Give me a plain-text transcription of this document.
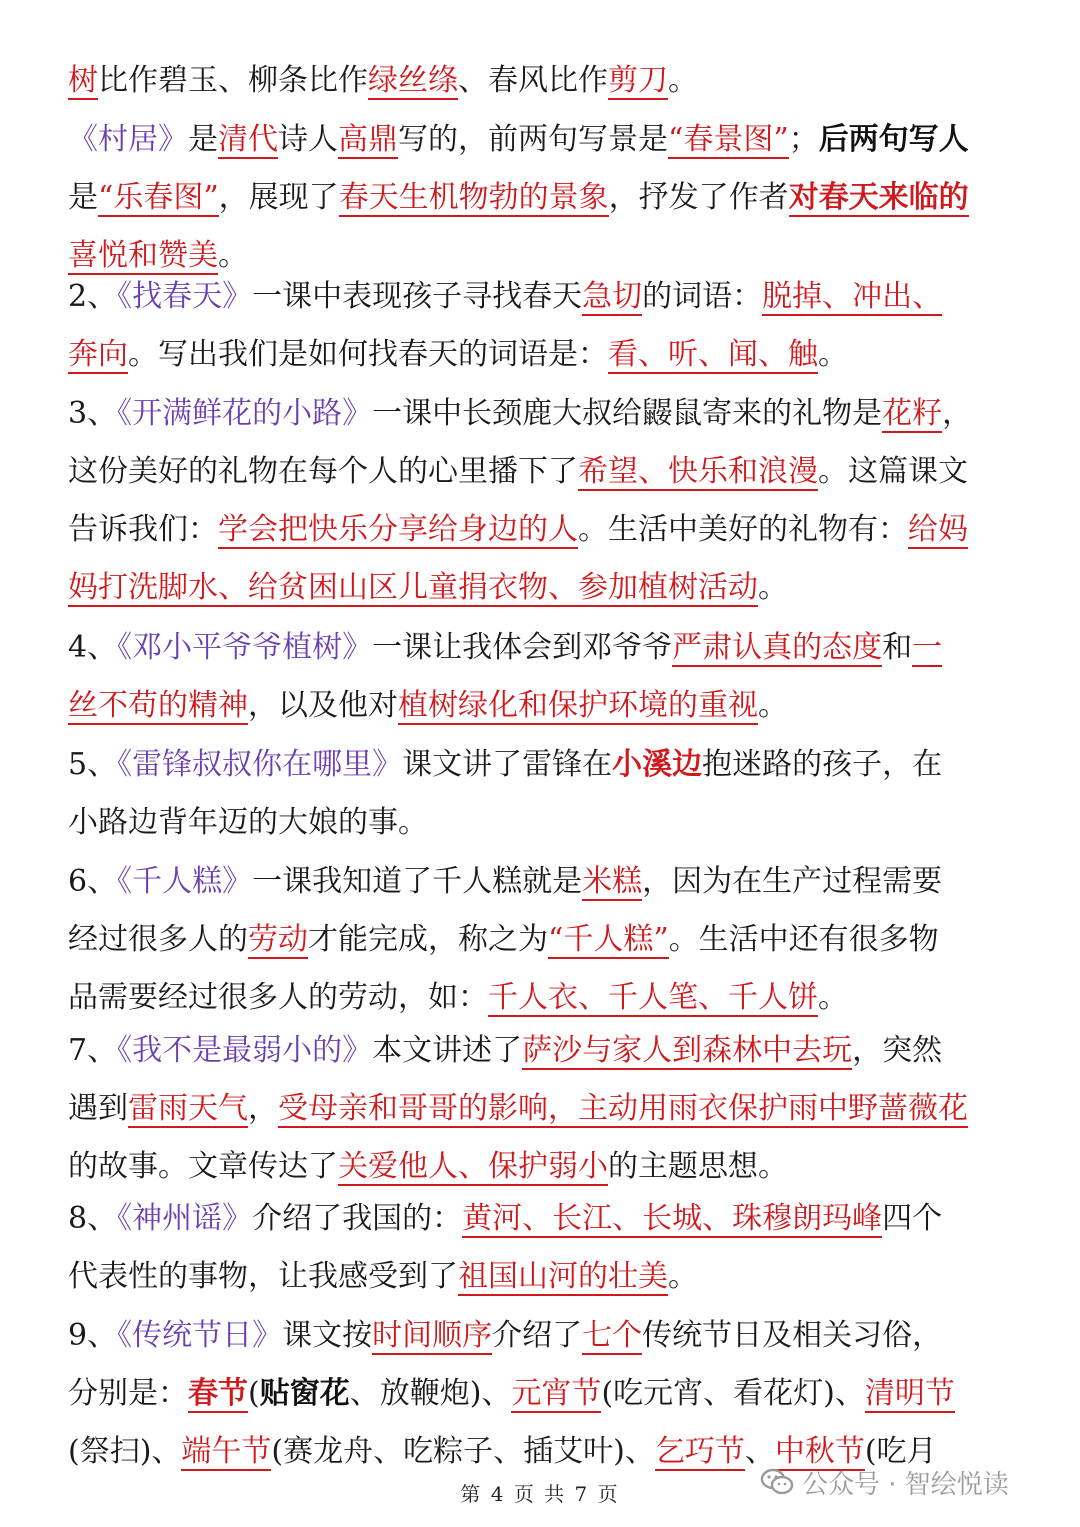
树比作碧玉、柳条比作绿丝绦、春风比作剪刀。
《村居》是清代诗人高鼎写的，前两句写景是“春景图”；后两句写人
是“乐春图”，展现了春天生机物勃的景象，抒发了作者对春天来临的
喜悦和赞美。
2、《找春天》一课中表现孩子寻找春天急切的词语：脱掉、冲出、
奔向。写出我们是如何找春天的词语是：看、听、闻、触。
3、《开满鲜花的小路》一课中长颈鹿大叔给鼹鼠寄来的礼物是花籽，
这份美好的礼物在每个人的心里播下了希望、快乐和浪漫。这篇课文
告诉我们：学会把快乐分享给身边的人。生活中美好的礼物有：给妈
妈打洗脚水、给贫困山区儿童捐衣物、参加植树活动。
4、《邓小平爷爷植树》一课让我体会到邓爷爷严肃认真的态度和一
丝不苟的精神，以及他对植树绿化和保护环境的重视。
5、《雷锋叔叔你在哪里》课文讲了雷锋在小溪边抱迷路的孩子，在
小路边背年迈的大娘的事。
6、《千人糕》一课我知道了千人糕就是米糕，因为在生产过程需要
经过很多人的劳动才能完成，称之为“千人糕”。生活中还有很多物
品需要经过很多人的劳动，如：千人衣、千人笔、千人饼。
7、《我不是最弱小的》本文讲述了萨沙与家人到森林中去玩，突然
遇到雷雨天气，受母亲和哥哥的影响，主动用雨衣保护雨中野蔷薇花
的故事。文章传达了关爱他人、保护弱小的主题思想。
8、《神州谣》介绍了我国的：黄河、长江、长城、珠穆朗玛峰四个
代表性的事物，让我感受到了祖国山河的壮美。
9、《传统节日》课文按时间顺序介绍了七个传统节日及相关习俗，
分别是：春节(贴窗花、放鞭炮)、元宵节(吃元宵、看花灯)、清明节
(祭扫)、端午节(赛龙舟、吃粽子、插艾叶)、乞巧节、中秋节(吃月
第 4 页 共 7 页	公众号 · 智绘悦读
